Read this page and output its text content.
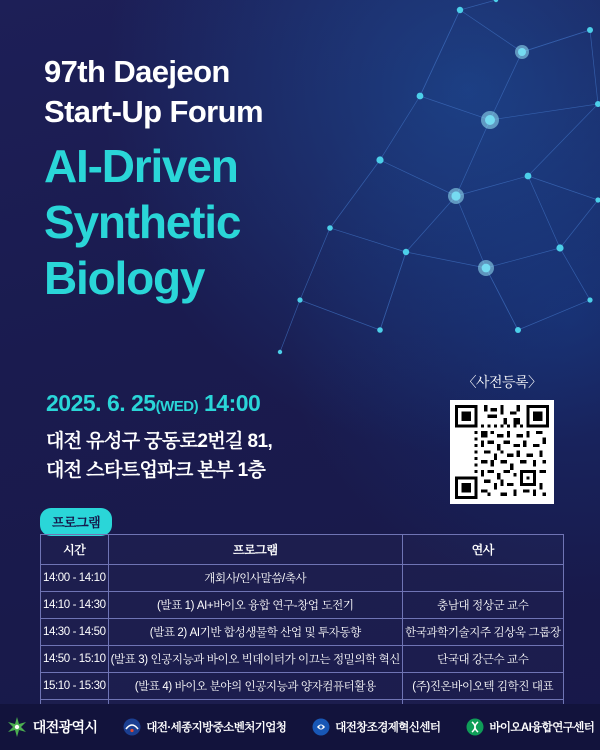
97th Daejeon
Start-Up Forum
AI-Driven
Synthetic
Biology
2025. 6. 25(WED) 14:00
대전 유성구 궁동로2번길 81,
대전 스타트업파크 본부 1층
〈사전등록〉
프로그램
시간	프로그램	연사
14:00 - 14:10	개회사/인사말씀/축사	
14:10 - 14:30	(발표 1) AI+바이오 융합 연구-창업 도전기	충남대 정상군 교수
14:30 - 14:50	(발표 2) AI기반 합성생물학 산업 및 투자동향	한국과학기술지주 김상욱 그룹장
14:50 - 15:10	(발표 3) 인공지능과 바이오 빅데이터가 이끄는 정밀의학 혁신	단국대 강근수 교수
15:10 - 15:30	(발표 4) 바이오 분야의 인공지능과 양자컴퓨터활용	(주)진온바이오텍 김학진 대표

대전광역시	대전·세종지방중소벤처기업청	대전창조경제혁신센터	바이오AI융합연구센터
